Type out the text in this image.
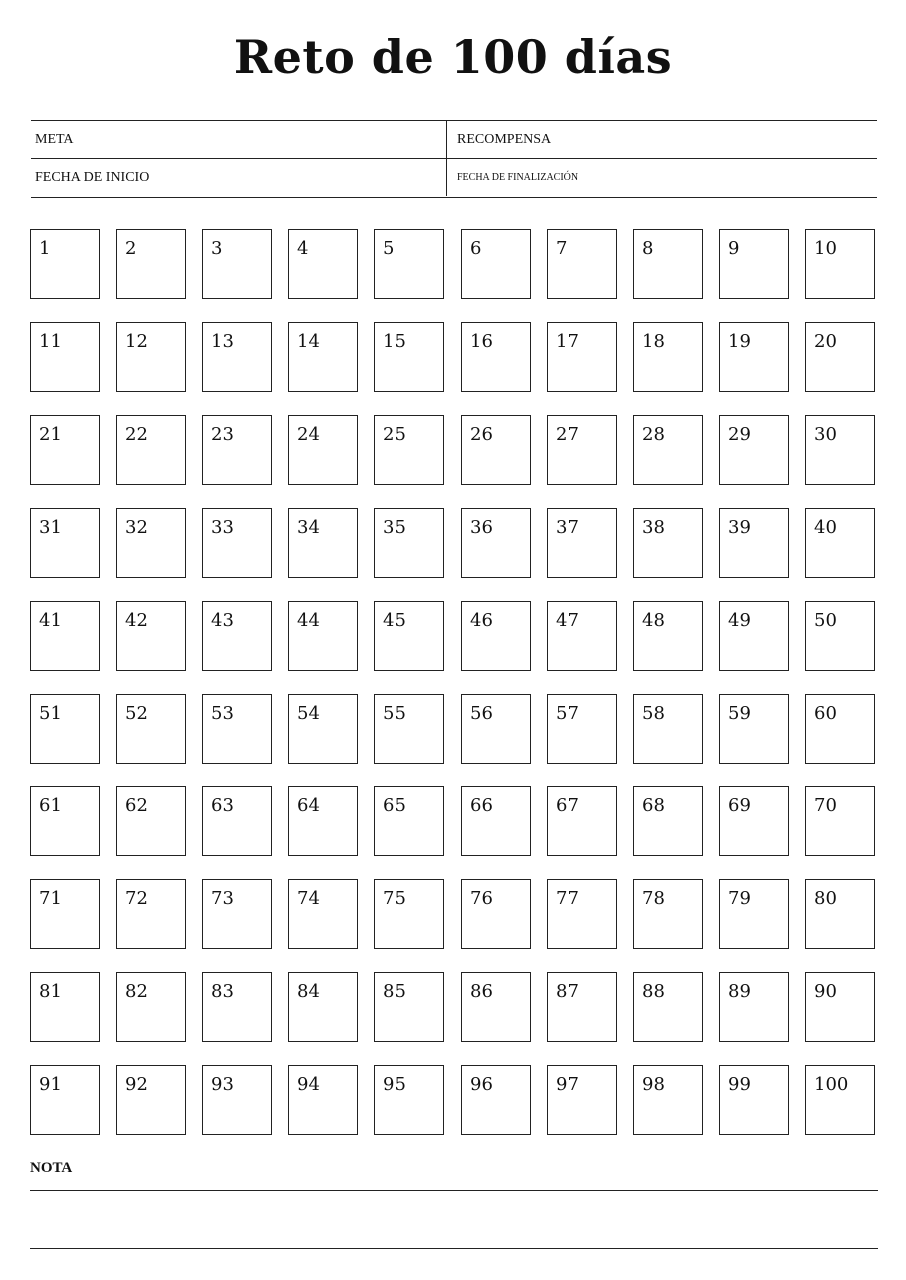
Reto de 100 días
META	RECOMPENSA
FECHA DE INICIO	FECHA DE FINALIZACIÓN
1	2	3	4	5	6	7	8	9	10
11	12	13	14	15	16	17	18	19	20
21	22	23	24	25	26	27	28	29	30
31	32	33	34	35	36	37	38	39	40
41	42	43	44	45	46	47	48	49	50
51	52	53	54	55	56	57	58	59	60
61	62	63	64	65	66	67	68	69	70
71	72	73	74	75	76	77	78	79	80
81	82	83	84	85	86	87	88	89	90
91	92	93	94	95	96	97	98	99	100
NOTA
